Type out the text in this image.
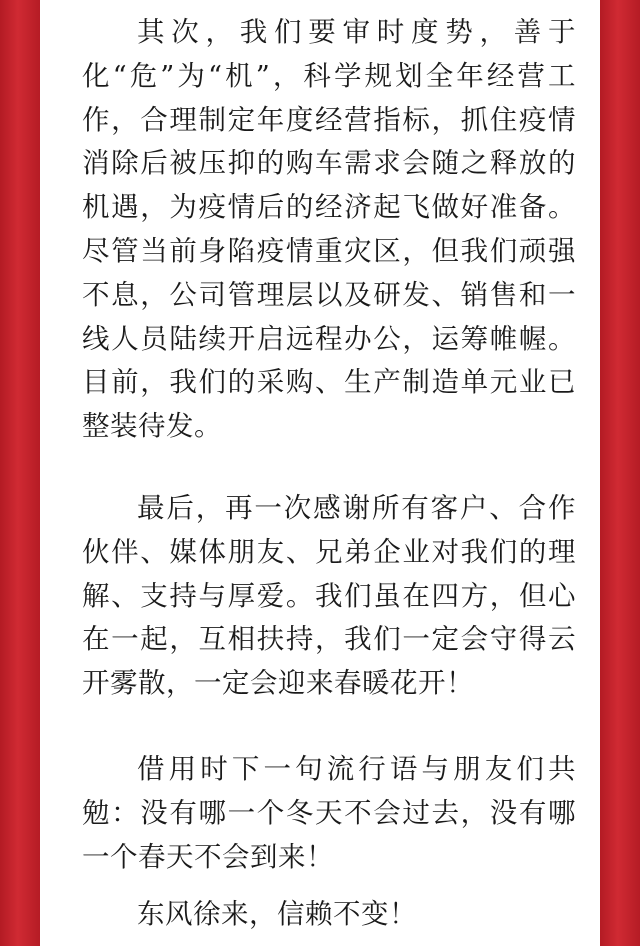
其次，我们要审时度势，善于化“危”为“机”，科学规划全年经营工作，合理制定年度经营指标，抓住疫情消除后被压抑的购车需求会随之释放的机遇，为疫情后的经济起飞做好准备。尽管当前身陷疫情重灾区，但我们顽强不息，公司管理层以及研发、销售和一线人员陆续开启远程办公，运筹帷幄。目前，我们的采购、生产制造单元业已整装待发。

最后，再一次感谢所有客户、合作伙伴、媒体朋友、兄弟企业对我们的理解、支持与厚爱。我们虽在四方，但心在一起，互相扶持，我们一定会守得云开雾散，一定会迎来春暖花开！

借用时下一句流行语与朋友们共勉：没有哪一个冬天不会过去，没有哪一个春天不会到来！

东风徐来，信赖不变！
